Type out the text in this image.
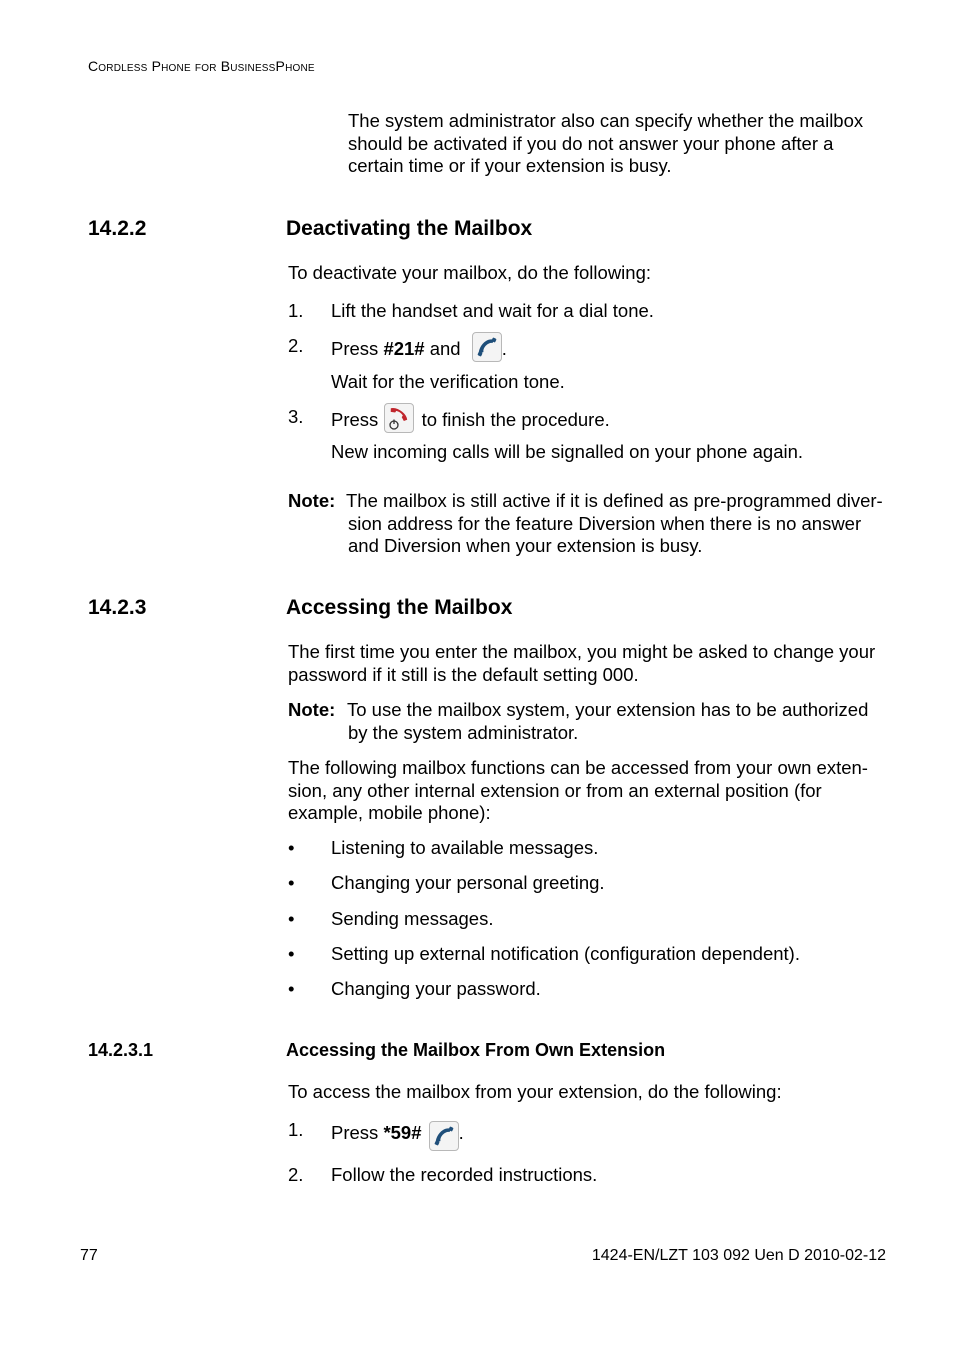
Cordless Phone for BusinessPhone
The system administrator also can specify whether the mailbox
should be activated if you do not answer your phone after a
certain time or if your extension is busy.
14.2.2	Deactivating the Mailbox
To deactivate your mailbox, do the following:
1. Lift the handset and wait for a dial tone.
2. Press #21# and .
Wait for the verification tone.
3. Press to finish the procedure.
New incoming calls will be signalled on your phone again.
Note: The mailbox is still active if it is defined as pre-programmed diver-
sion address for the feature Diversion when there is no answer
and Diversion when your extension is busy.
14.2.3	Accessing the Mailbox
The first time you enter the mailbox, you might be asked to change your
password if it still is the default setting 000.
Note: To use the mailbox system, your extension has to be authorized
by the system administrator.
The following mailbox functions can be accessed from your own exten-
sion, any other internal extension or from an external position (for
example, mobile phone):
• Listening to available messages.
• Changing your personal greeting.
• Sending messages.
• Setting up external notification (configuration dependent).
• Changing your password.
14.2.3.1	Accessing the Mailbox From Own Extension
To access the mailbox from your extension, do the following:
1. Press *59# .
2. Follow the recorded instructions.
77	1424-EN/LZT 103 092 Uen D 2010-02-12
